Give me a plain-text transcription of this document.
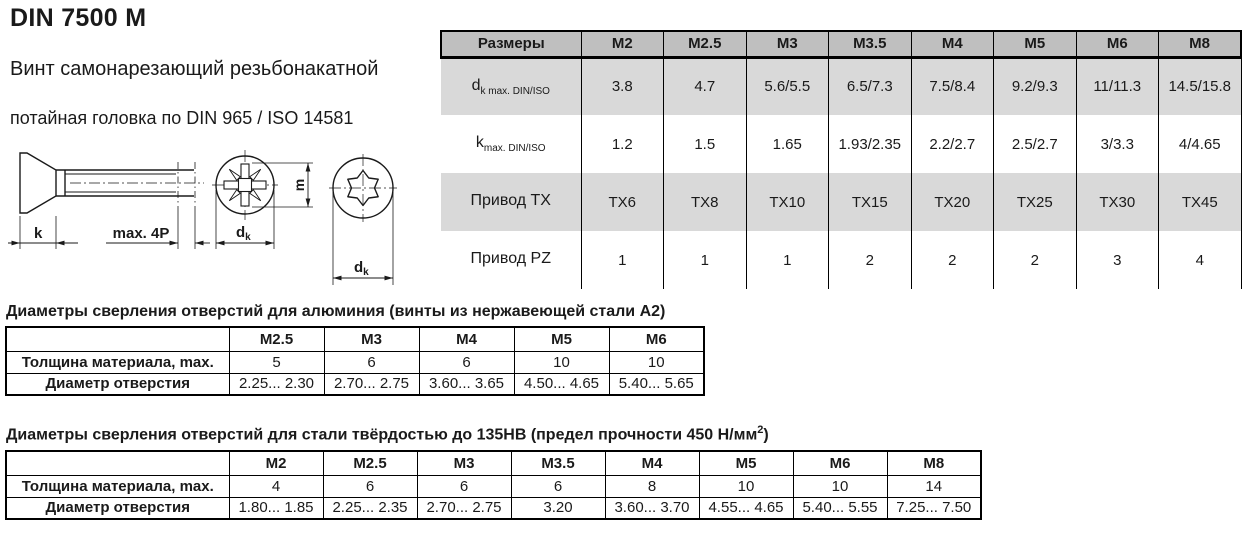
DIN 7500 M

Винт самонарезающий резьбонакатной

потайная головка по DIN 965 / ISO 14581

k	max. 4P
m
dk
dk
Размеры	M2	M2.5	M3	M3.5	M4	M5	M6	M8
$d_{k max. DIN/ISO}$	3.8	4.7	5.6/5.5	6.5/7.3	7.5/8.4	9.2/9.3	11/11.3	14.5/15.8
$k_{max. DIN/ISO}$	1.2	1.5	1.65	1.93/2.35	2.2/2.7	2.5/2.7	3/3.3	4/4.65
Привод TX	TX6	TX8	TX10	TX15	TX20	TX25	TX30	TX45
Привод PZ	1	1	1	2	2	2	3	4
Диаметры сверления отверстий для алюминия (винты из нержавеющей стали А2)
	M2.5	M3	M4	M5	M6
Толщина материала, max.	5	6	6	10	10
Диаметр отверстия	2.25... 2.30	2.70... 2.75	3.60... 3.65	4.50... 4.65	5.40... 5.65
Диаметры сверления отверстий для стали твёрдостью до 135HB (предел прочности 450 $Н/мм^2$)
	M2	M2.5	M3	M3.5	M4	M5	M6	M8
Толщина материала, max.	4	6	6	6	8	10	10	14
Диаметр отверстия	1.80... 1.85	2.25... 2.35	2.70... 2.75	3.20	3.60... 3.70	4.55... 4.65	5.40... 5.55	7.25... 7.50
